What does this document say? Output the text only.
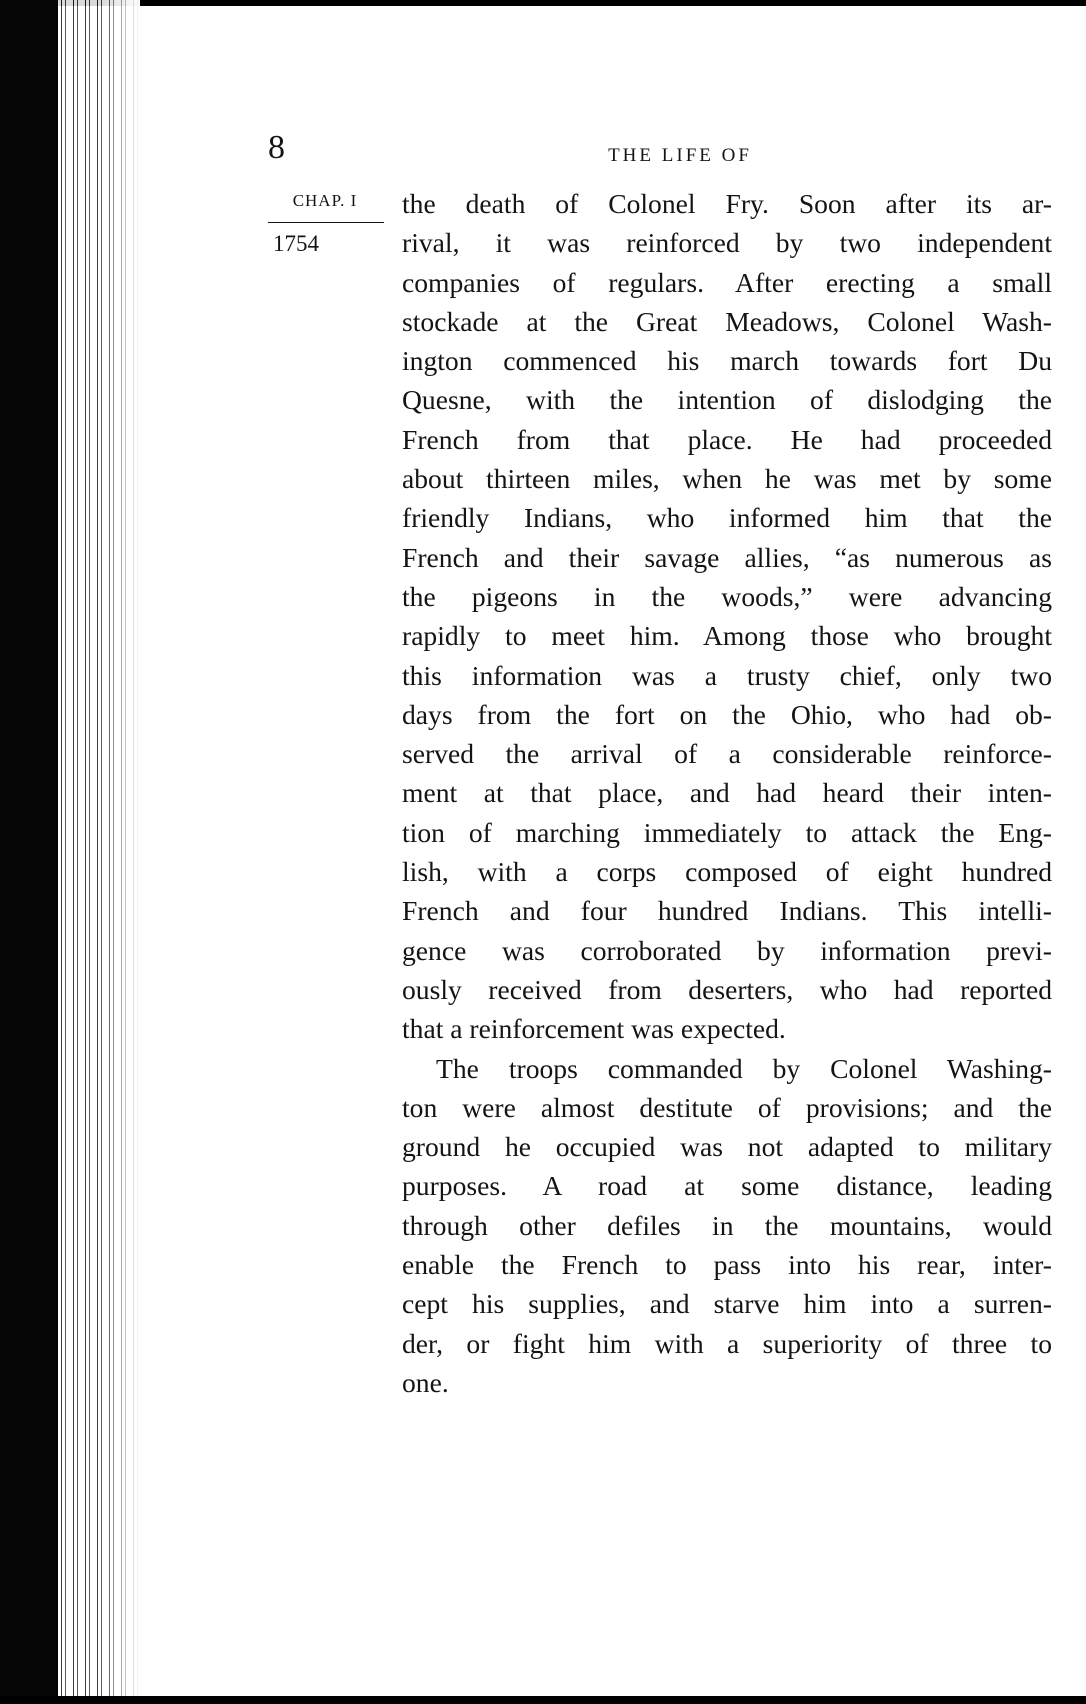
8	THE LIFE OF
CHAP. I
1754

the death of Colonel Fry. Soon after its ar-
rival, it was reinforced by two independent
companies of regulars. After erecting a small
stockade at the Great Meadows, Colonel Wash-
ington commenced his march towards fort Du
Quesne, with the intention of dislodging the
French from that place. He had proceeded
about thirteen miles, when he was met by some
friendly Indians, who informed him that the
French and their savage allies, “as numerous as
the pigeons in the woods,” were advancing
rapidly to meet him. Among those who brought
this information was a trusty chief, only two
days from the fort on the Ohio, who had ob-
served the arrival of a considerable reinforce-
ment at that place, and had heard their inten-
tion of marching immediately to attack the Eng-
lish, with a corps composed of eight hundred
French and four hundred Indians. This intelli-
gence was corroborated by information previ-
ously received from deserters, who had reported
that a reinforcement was expected.

The troops commanded by Colonel Washing-
ton were almost destitute of provisions; and the
ground he occupied was not adapted to military
purposes. A road at some distance, leading
through other defiles in the mountains, would
enable the French to pass into his rear, inter-
cept his supplies, and starve him into a surren-
der, or fight him with a superiority of three to
one.
